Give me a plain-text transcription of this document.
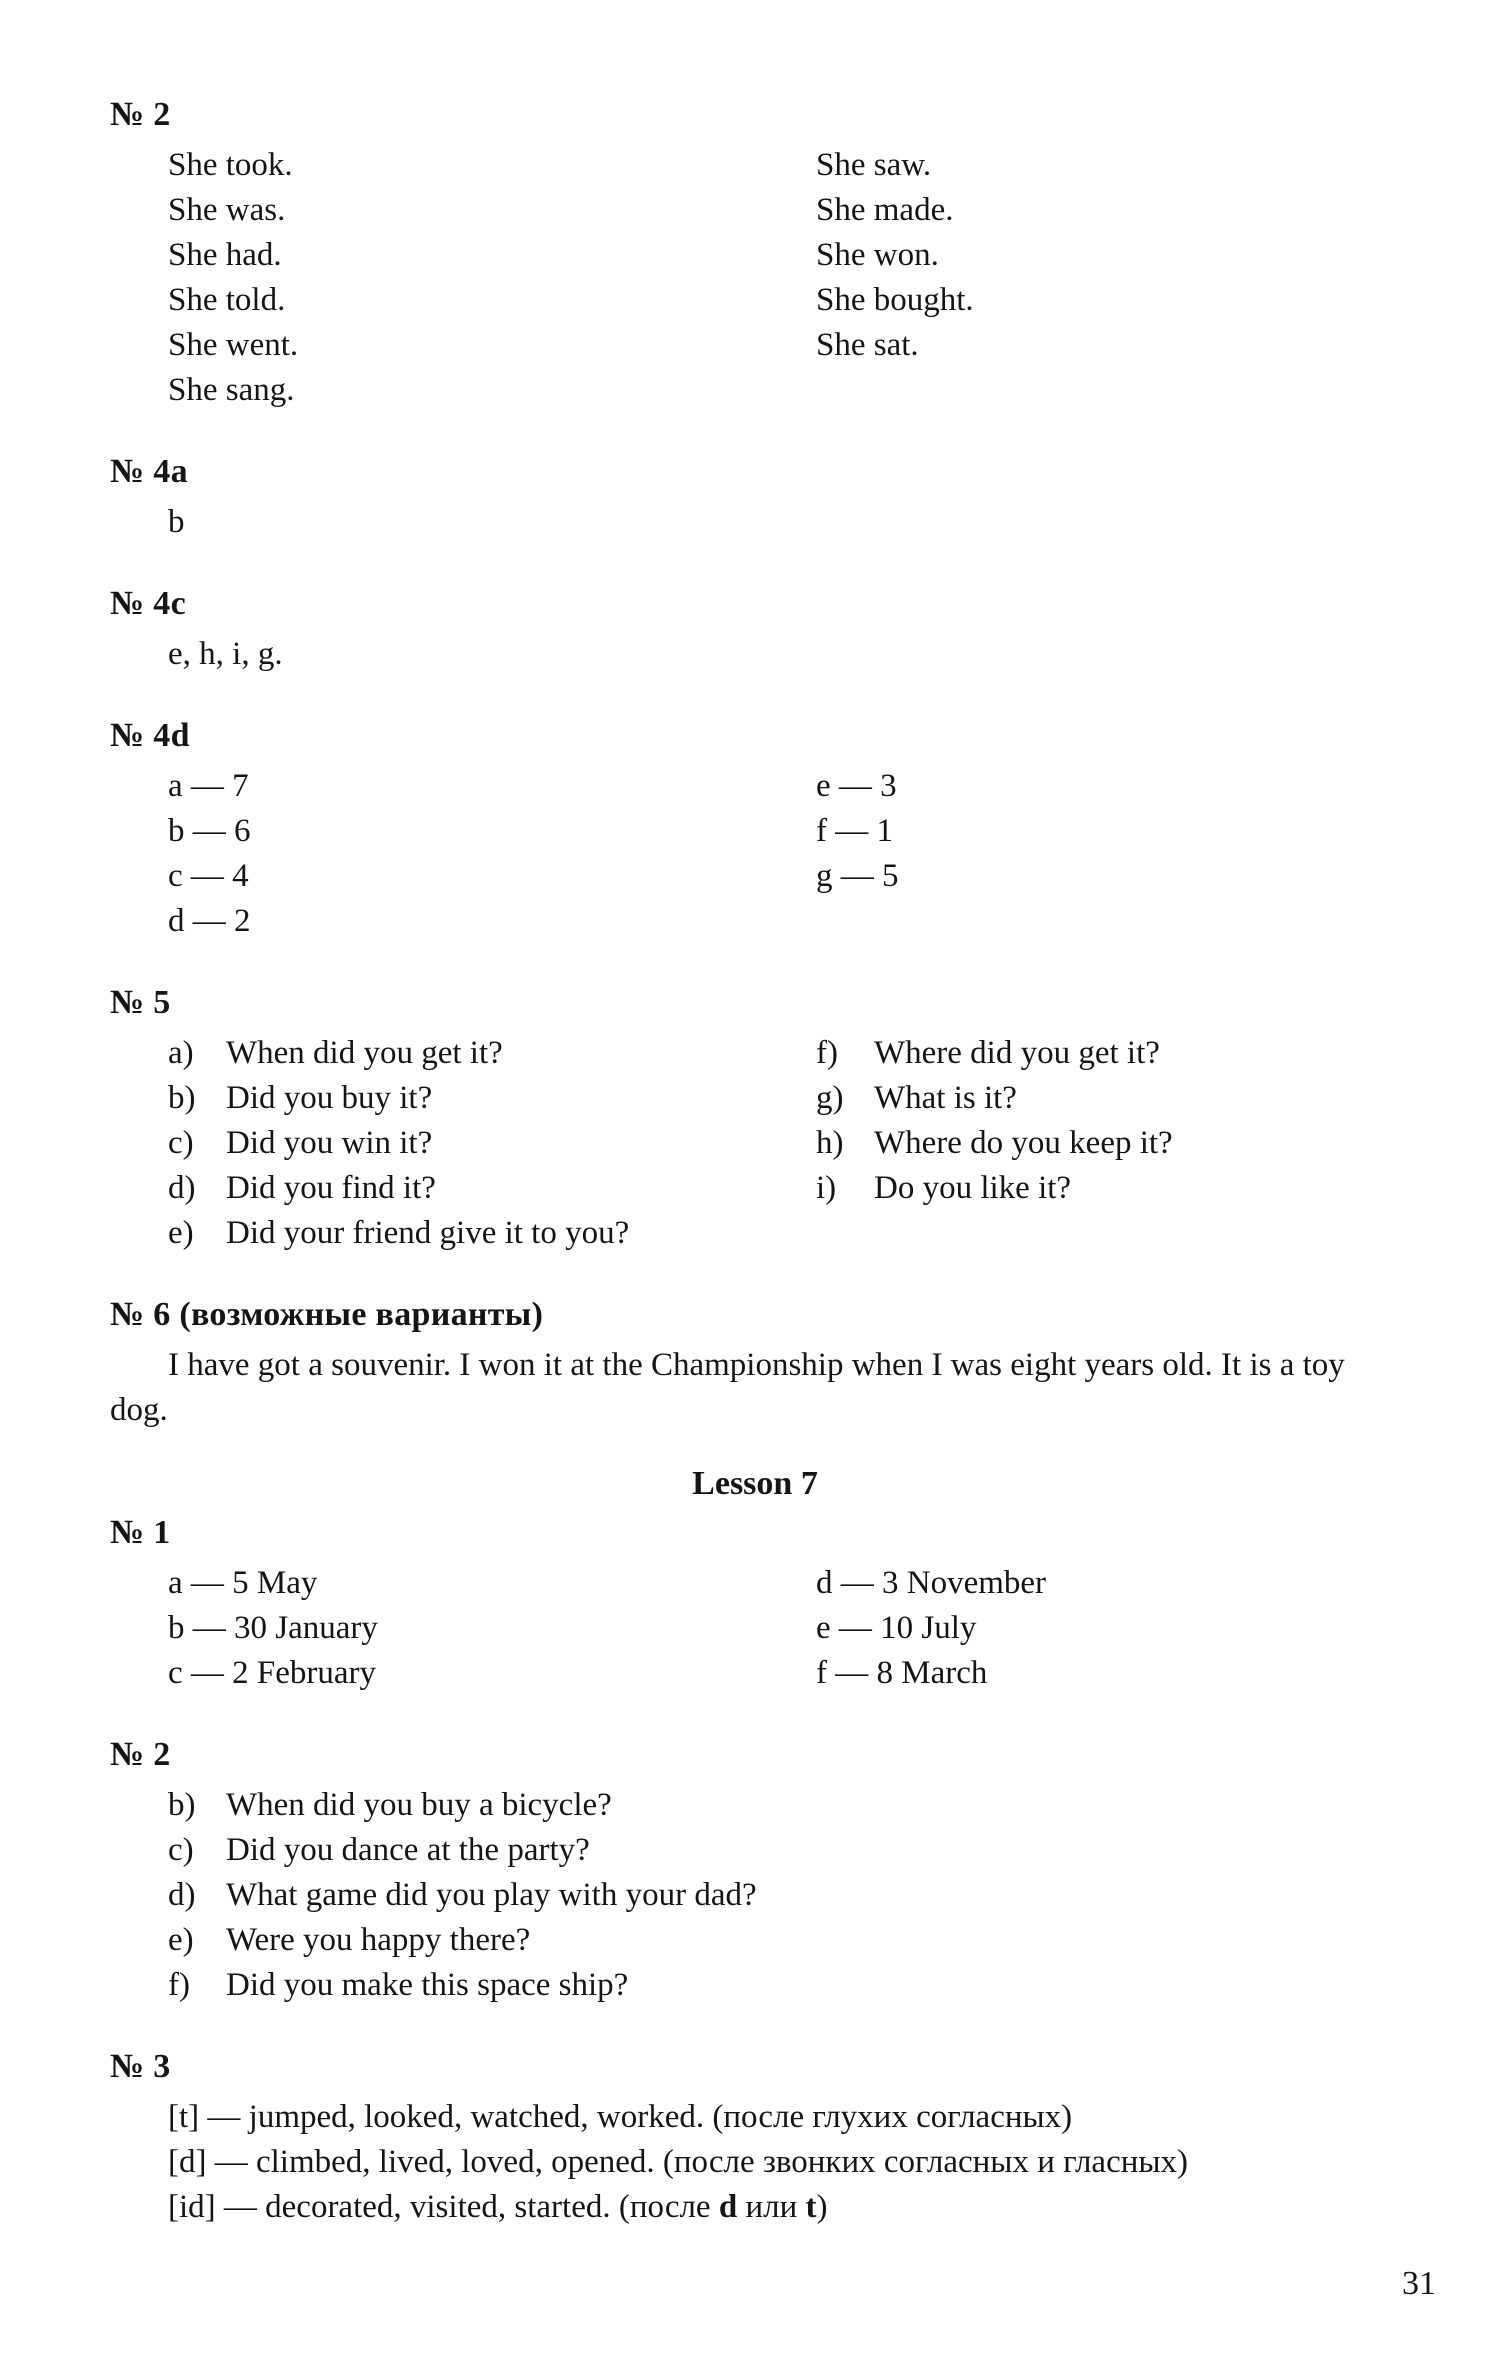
№ 2
She took.
She was.
She had.
She told.
She went.
She sang.
She saw.
She made.
She won.
She bought.
She sat.
№ 4a
b
№ 4c
e, h, i, g.
№ 4d
a — 7
b — 6
c — 4
d — 2
e — 3
f — 1
g — 5
№ 5
a) When did you get it?
b) Did you buy it?
c) Did you win it?
d) Did you find it?
e) Did your friend give it to you?
f) Where did you get it?
g) What is it?
h) Where do you keep it?
i) Do you like it?
№ 6 (возможные варианты)

I have got a souvenir. I won it at the Championship when I was eight years old. It is a toy dog.

Lesson 7
№ 1
a — 5 May
b — 30 January
c — 2 February
d — 3 November
e — 10 July
f — 8 March
№ 2
b) When did you buy a bicycle?
c) Did you dance at the party?
d) What game did you play with your dad?
e) Were you happy there?
f) Did you make this space ship?
№ 3
[t] — jumped, looked, watched, worked. (после глухих согласных)
[d] — climbed, lived, loved, opened. (после звонких согласных и гласных)
[id] — decorated, visited, started. (после d или t)
31
